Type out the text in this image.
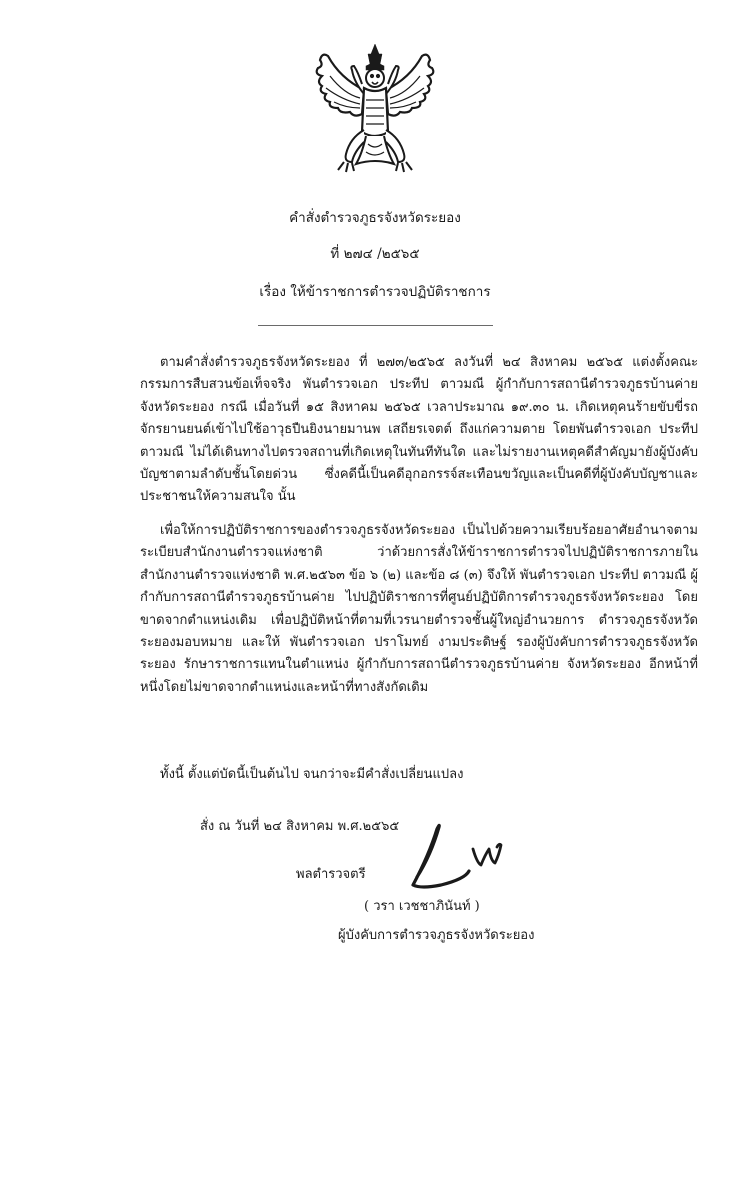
คำสั่งตำรวจภูธรจังหวัดระยอง
ที่ ๒๗๔ /๒๕๖๕
เรื่อง ให้ข้าราชการตำรวจปฏิบัติราชการ

ตามคำสั่งตำรวจภูธรจังหวัดระยอง ที่ ๒๗๓/๒๕๖๕ ลงวันที่ ๒๔ สิงหาคม ๒๕๖๕ แต่งตั้งคณะกรรมการสืบสวนข้อเท็จจริง พันตำรวจเอก ประทีป ตาวมณี ผู้กำกับการสถานีตำรวจภูธรบ้านค่าย จังหวัดระยอง กรณี เมื่อวันที่ ๑๕ สิงหาคม ๒๕๖๕ เวลาประมาณ ๑๙.๓๐ น. เกิดเหตุคนร้ายขับขี่รถจักรยานยนต์เข้าไปใช้อาวุธปืนยิงนายมานพ เสถียรเจตต์ ถึงแก่ความตาย โดยพันตำรวจเอก ประทีป ตาวมณี ไม่ได้เดินทางไปตรวจสถานที่เกิดเหตุในทันทีทันใด และไม่รายงานเหตุคดีสำคัญมายังผู้บังคับบัญชาตามลำดับชั้นโดยด่วน ซึ่งคดีนี้เป็นคดีอุกอกรรจ์สะเทือนขวัญและเป็นคดีที่ผู้บังคับบัญชาและประชาชนให้ความสนใจ นั้น

เพื่อให้การปฏิบัติราชการของตำรวจภูธรจังหวัดระยอง เป็นไปด้วยความเรียบร้อยอาศัยอำนาจตามระเบียบสำนักงานตำรวจแห่งชาติ ว่าด้วยการสั่งให้ข้าราชการตำรวจไปปฏิบัติราชการภายในสำนักงานตำรวจแห่งชาติ พ.ศ.๒๕๖๓ ข้อ ๖ (๒) และข้อ ๘ (๓) จึงให้ พันตำรวจเอก ประทีป ตาวมณี ผู้กำกับการสถานีตำรวจภูธรบ้านค่าย ไปปฏิบัติราชการที่ศูนย์ปฏิบัติการตำรวจภูธรจังหวัดระยอง โดยขาดจากตำแหน่งเดิม เพื่อปฏิบัติหน้าที่ตามที่เวรนายตำรวจชั้นผู้ใหญ่อำนวยการ ตำรวจภูธรจังหวัดระยองมอบหมาย และให้ พันตำรวจเอก ปราโมทย์ งามประดิษฐ์ รองผู้บังคับการตำรวจภูธรจังหวัดระยอง รักษาราชการแทนในตำแหน่ง ผู้กำกับการสถานีตำรวจภูธรบ้านค่าย จังหวัดระยอง อีกหน้าที่หนึ่งโดยไม่ขาดจากตำแหน่งและหน้าที่ทางสังกัดเดิม

ทั้งนี้ ตั้งแต่บัดนี้เป็นต้นไป จนกว่าจะมีคำสั่งเปลี่ยนแปลง
สั่ง ณ วันที่ ๒๔ สิงหาคม พ.ศ.๒๕๖๕
พลตำรวจตรี
( วรา เวชชาภินันท์ )
ผู้บังคับการตำรวจภูธรจังหวัดระยอง
